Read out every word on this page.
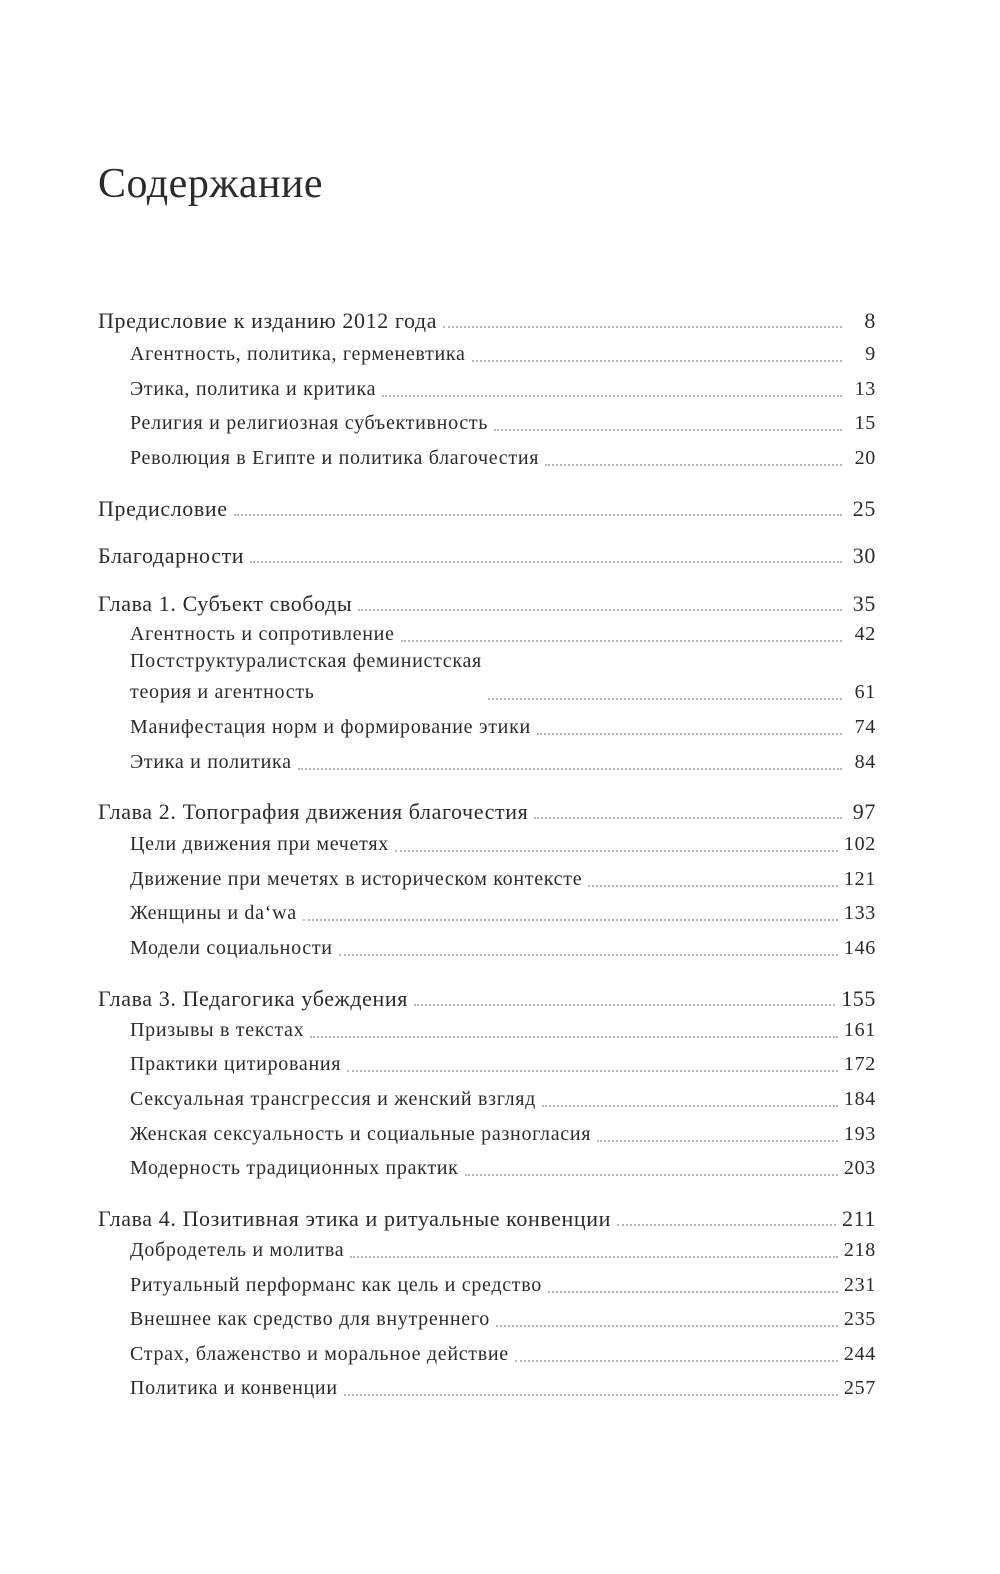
Содержание
Предисловие к изданию 2012 года	8
Агентность, политика, герменевтика	9
Этика, политика и критика	13
Религия и религиозная субъективность	15
Революция в Египте и политика благочестия	20
Предисловие	25
Благодарности	30
Глава 1. Субъект свободы	35
Агентность и сопротивление	42
Постструктуралистская феминистская
теория и агентность	61
Манифестация норм и формирование этики	74
Этика и политика	84
Глава 2. Топография движения благочестия	97
Цели движения при мечетях	102
Движение при мечетях в историческом контексте	121
Женщины и daʻwa	133
Модели социальности	146
Глава 3. Педагогика убеждения	155
Призывы в текстах	161
Практики цитирования	172
Сексуальная трансгрессия и женский взгляд	184
Женская сексуальность и социальные разногласия	193
Модерность традиционных практик	203
Глава 4. Позитивная этика и ритуальные конвенции	211
Добродетель и молитва	218
Ритуальный перформанс как цель и средство	231
Внешнее как средство для внутреннего	235
Страх, блаженство и моральное действие	244
Политика и конвенции	257
